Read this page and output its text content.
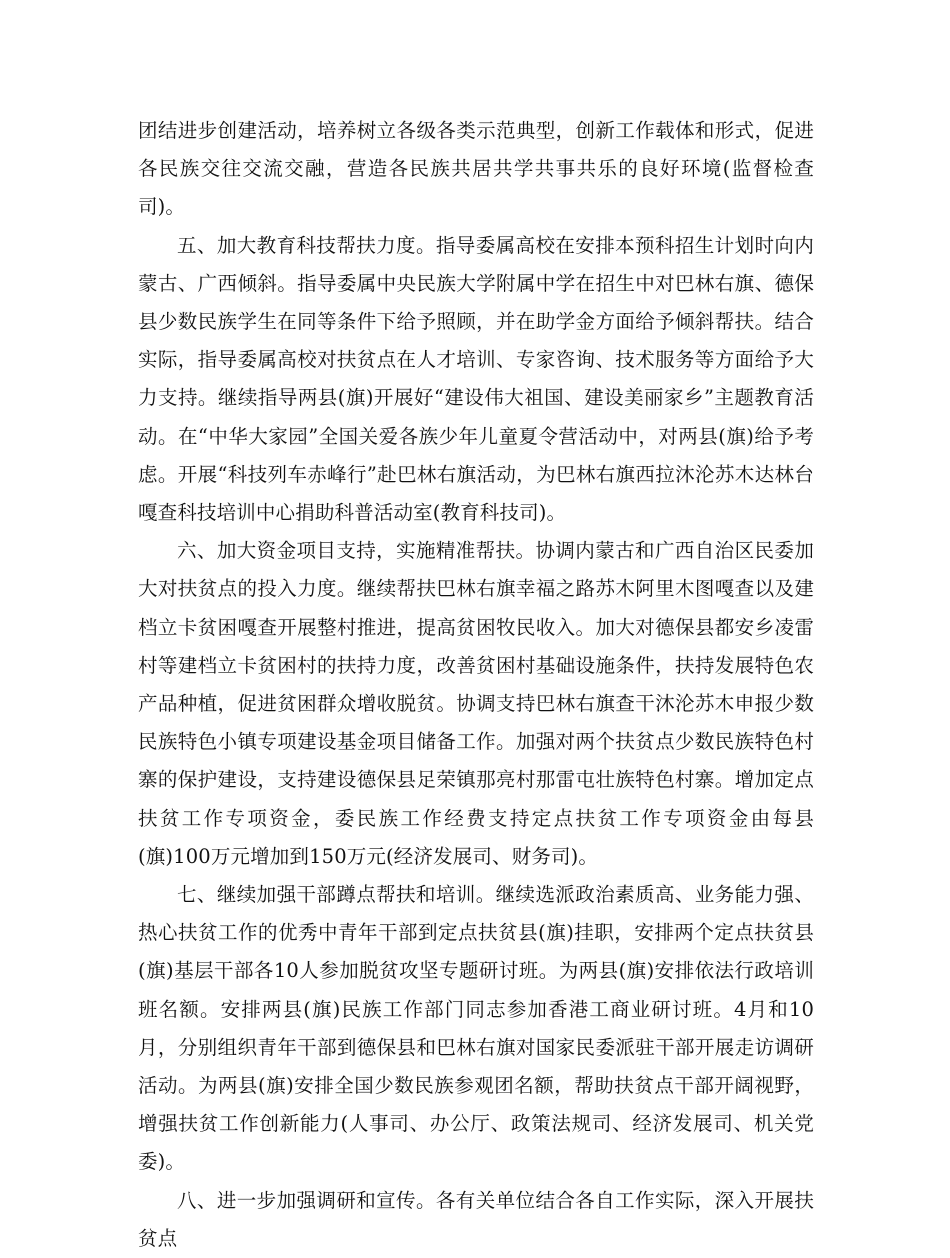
团结进步创建活动，培养树立各级各类示范典型，创新工作载体和形式，促进各民族交往交流交融，营造各民族共居共学共事共乐的良好环境(监督检查司)。

五、加大教育科技帮扶力度。指导委属高校在安排本预科招生计划时向内蒙古、广西倾斜。指导委属中央民族大学附属中学在招生中对巴林右旗、德保县少数民族学生在同等条件下给予照顾，并在助学金方面给予倾斜帮扶。结合实际，指导委属高校对扶贫点在人才培训、专家咨询、技术服务等方面给予大力支持。继续指导两县(旗)开展好“建设伟大祖国、建设美丽家乡”主题教育活动。在“中华大家园”全国关爱各族少年儿童夏令营活动中，对两县(旗)给予考虑。开展“科技列车赤峰行”赴巴林右旗活动，为巴林右旗西拉沐沦苏木达林台嘎查科技培训中心捐助科普活动室(教育科技司)。

六、加大资金项目支持，实施精准帮扶。协调内蒙古和广西自治区民委加大对扶贫点的投入力度。继续帮扶巴林右旗幸福之路苏木阿里木图嘎查以及建档立卡贫困嘎查开展整村推进，提高贫困牧民收入。加大对德保县都安乡凌雷村等建档立卡贫困村的扶持力度，改善贫困村基础设施条件，扶持发展特色农产品种植，促进贫困群众增收脱贫。协调支持巴林右旗查干沐沦苏木申报少数民族特色小镇专项建设基金项目储备工作。加强对两个扶贫点少数民族特色村寨的保护建设，支持建设德保县足荣镇那亮村那雷屯壮族特色村寨。增加定点扶贫工作专项资金，委民族工作经费支持定点扶贫工作专项资金由每县(旗)100万元增加到150万元(经济发展司、财务司)。

七、继续加强干部蹲点帮扶和培训。继续选派政治素质高、业务能力强、热心扶贫工作的优秀中青年干部到定点扶贫县(旗)挂职，安排两个定点扶贫县(旗)基层干部各10人参加脱贫攻坚专题研讨班。为两县(旗)安排依法行政培训班名额。安排两县(旗)民族工作部门同志参加香港工商业研讨班。4月和10月，分别组织青年干部到德保县和巴林右旗对国家民委派驻干部开展走访调研活动。为两县(旗)安排全国少数民族参观团名额，帮助扶贫点干部开阔视野，增强扶贫工作创新能力(人事司、办公厅、政策法规司、经济发展司、机关党委)。

八、进一步加强调研和宣传。各有关单位结合各自工作实际，深入开展扶贫点
